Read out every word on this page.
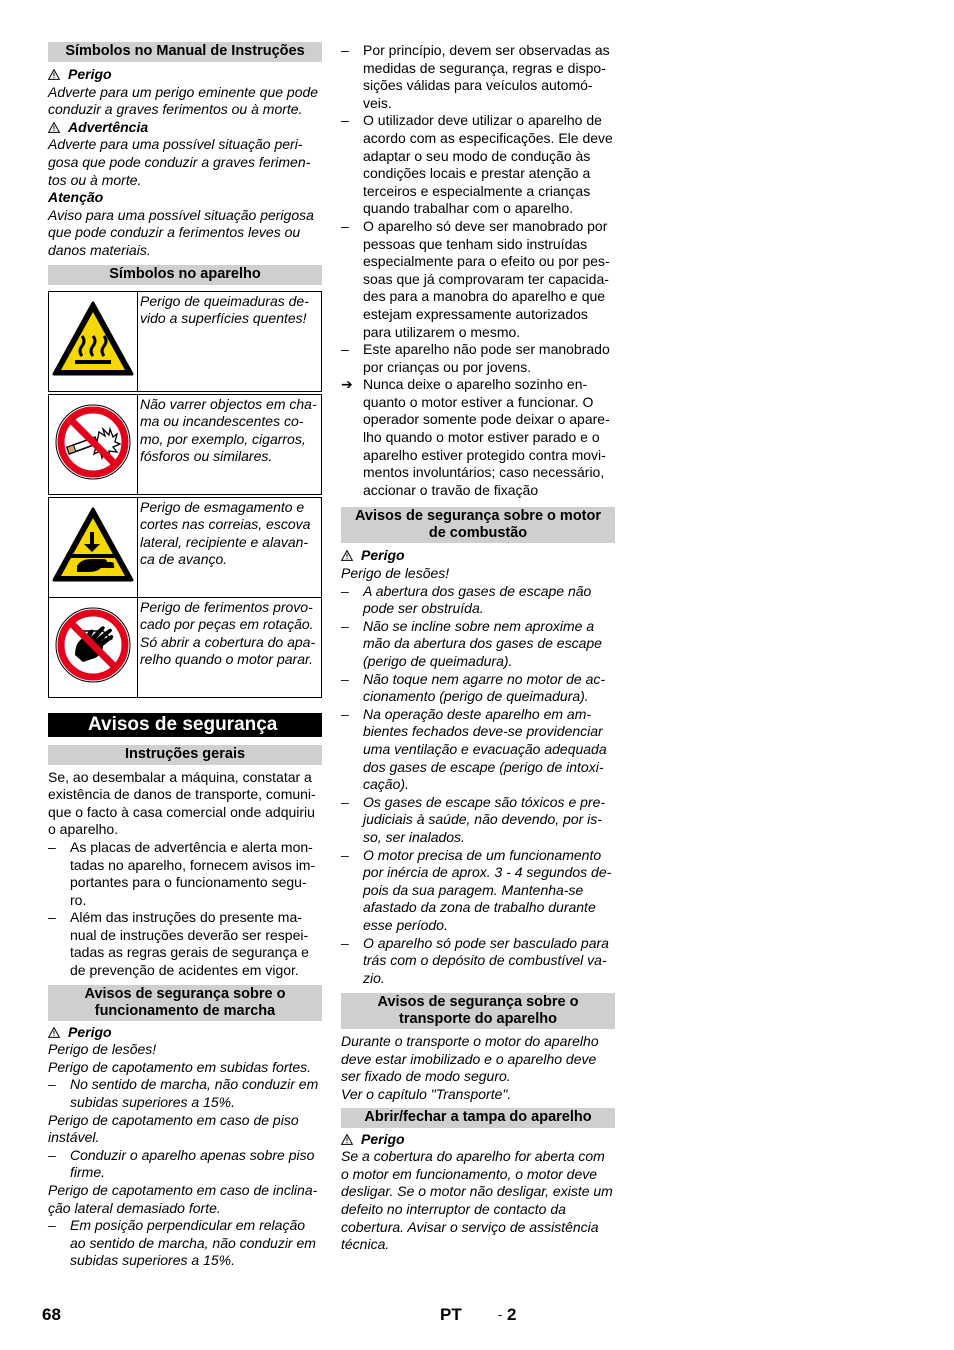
Símbolos no Manual de Instruções

Perigo

Adverte para um perigo eminente que pode conduzir a graves ferimentos ou à morte.

Advertência

Adverte para uma possível situação peri-gosa que pode conduzir a graves ferimen-tos ou à morte.

Atenção

Aviso para uma possível situação perigosa que pode conduzir a ferimentos leves ou danos materiais.

Símbolos no aparelho
	Perigo de queimaduras de-vido a superfícies quentes!

	Não varrer objectos em cha-ma ou incandescentes co-mo, por exemplo, cigarros, fósforos ou similares.

	Perigo de esmagamento e cortes nas correias, escova lateral, recipiente e alavan-ca de avanço.
	Perigo de ferimentos provo-cado por peças em rotação. Só abrir a cobertura do apa-relho quando o motor parar.
Avisos de segurança
Instruções gerais

Se, ao desembalar a máquina, constatar a existência de danos de transporte, comuni-que o facto à casa comercial onde adquiriu o aparelho.

– As placas de advertência e alerta mon-tadas no aparelho, fornecem avisos im-portantes para o funcionamento segu-ro.
– Além das instruções do presente ma-nual de instruções deverão ser respei-tadas as regras gerais de segurança e de prevenção de acidentes em vigor.
Avisos de segurança sobre o funcionamento de marcha

Perigo

Perigo de lesões!

Perigo de capotamento em subidas fortes.

– No sentido de marcha, não conduzir em subidas superiores a 15%.

Perigo de capotamento em caso de piso instável.

– Conduzir o aparelho apenas sobre piso firme.

Perigo de capotamento em caso de inclina-ção lateral demasiado forte.

– Em posição perpendicular em relação ao sentido de marcha, não conduzir em subidas superiores a 15%.
– Por princípio, devem ser observadas as medidas de segurança, regras e dispo-sições válidas para veículos automó-veis.
– O utilizador deve utilizar o aparelho de acordo com as especificações. Ele deve adaptar o seu modo de condução às condições locais e prestar atenção a terceiros e especialmente a crianças quando trabalhar com o aparelho.
– O aparelho só deve ser manobrado por pessoas que tenham sido instruídas especialmente para o efeito ou por pes-soas que já comprovaram ter capacida-des para a manobra do aparelho e que estejam expressamente autorizados para utilizarem o mesmo.
– Este aparelho não pode ser manobrado por crianças ou por jovens.
➔ Nunca deixe o aparelho sozinho en-quanto o motor estiver a funcionar. O operador somente pode deixar o apare-lho quando o motor estiver parado e o aparelho estiver protegido contra movi-mentos involuntários; caso necessário, accionar o travão de fixação
Avisos de segurança sobre o motor de combustão

Perigo

Perigo de lesões!

– A abertura dos gases de escape não pode ser obstruída.
– Não se incline sobre nem aproxime a mão da abertura dos gases de escape (perigo de queimadura).
– Não toque nem agarre no motor de ac-cionamento (perigo de queimadura).
– Na operação deste aparelho em am-bientes fechados deve-se providenciar uma ventilação e evacuação adequada dos gases de escape (perigo de intoxi-cação).
– Os gases de escape são tóxicos e pre-judiciais à saúde, não devendo, por is-so, ser inalados.
– O motor precisa de um funcionamento por inércia de aprox. 3 - 4 segundos de-pois da sua paragem. Mantenha-se afastado da zona de trabalho durante esse período.
– O aparelho só pode ser basculado para trás com o depósito de combustível va-zio.
Avisos de segurança sobre o transporte do aparelho

Durante o transporte o motor do aparelho deve estar imobilizado e o aparelho deve ser fixado de modo seguro.

Ver o capítulo "Transporte".

Abrir/fechar a tampa do aparelho

Perigo

Se a cobertura do aparelho for aberta com o motor em funcionamento, o motor deve desligar. Se o motor não desligar, existe um defeito no interruptor de contacto da cobertura. Avisar o serviço de assistência técnica.

68	PT	- 2
